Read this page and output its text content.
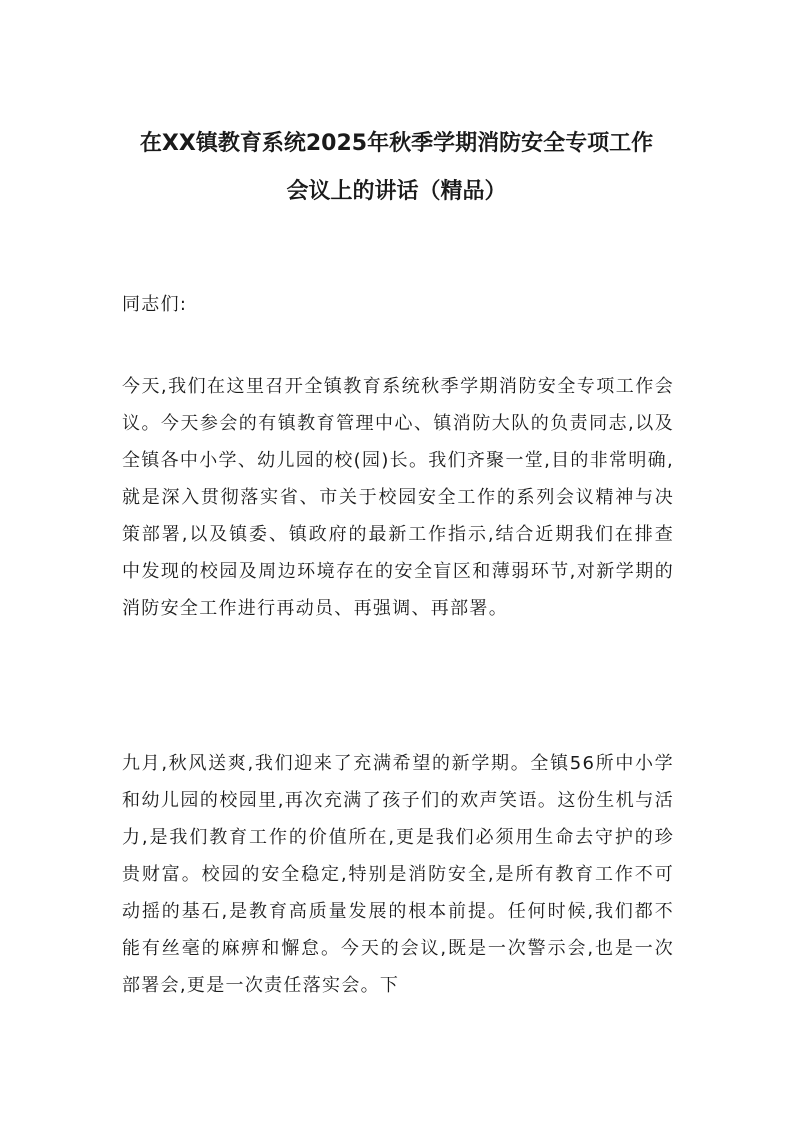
在XX镇教育系统2025年秋季学期消防安全专项工作
会议上的讲话（精品）

同志们:

今天,我们在这里召开全镇教育系统秋季学期消防安全专项工作会议。今天参会的有镇教育管理中心、镇消防大队的负责同志,以及全镇各中小学、幼儿园的校(园)长。我们齐聚一堂,目的非常明确,就是深入贯彻落实省、市关于校园安全工作的系列会议精神与决策部署,以及镇委、镇政府的最新工作指示,结合近期我们在排查中发现的校园及周边环境存在的安全盲区和薄弱环节,对新学期的消防安全工作进行再动员、再强调、再部署。

九月,秋风送爽,我们迎来了充满希望的新学期。全镇56所中小学和幼儿园的校园里,再次充满了孩子们的欢声笑语。这份生机与活力,是我们教育工作的价值所在,更是我们必须用生命去守护的珍贵财富。校园的安全稳定,特别是消防安全,是所有教育工作不可动摇的基石,是教育高质量发展的根本前提。任何时候,我们都不能有丝毫的麻痹和懈怠。今天的会议,既是一次警示会,也是一次部署会,更是一次责任落实会。下
